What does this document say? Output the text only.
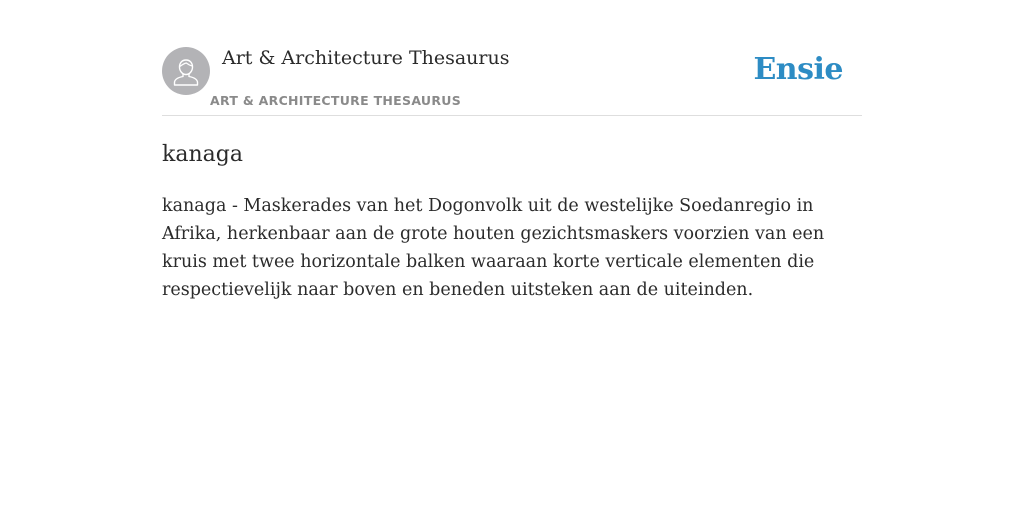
Art & Architecture Thesaurus
ART & ARCHITECTURE THESAURUS
Ensie
kanaga

kanaga - Maskerades van het Dogonvolk uit de westelijke Soedanregio in Afrika, herkenbaar aan de grote houten gezichtsmaskers voorzien van een kruis met twee horizontale balken waaraan korte verticale elementen die respectievelijk naar boven en beneden uitsteken aan de uiteinden.
